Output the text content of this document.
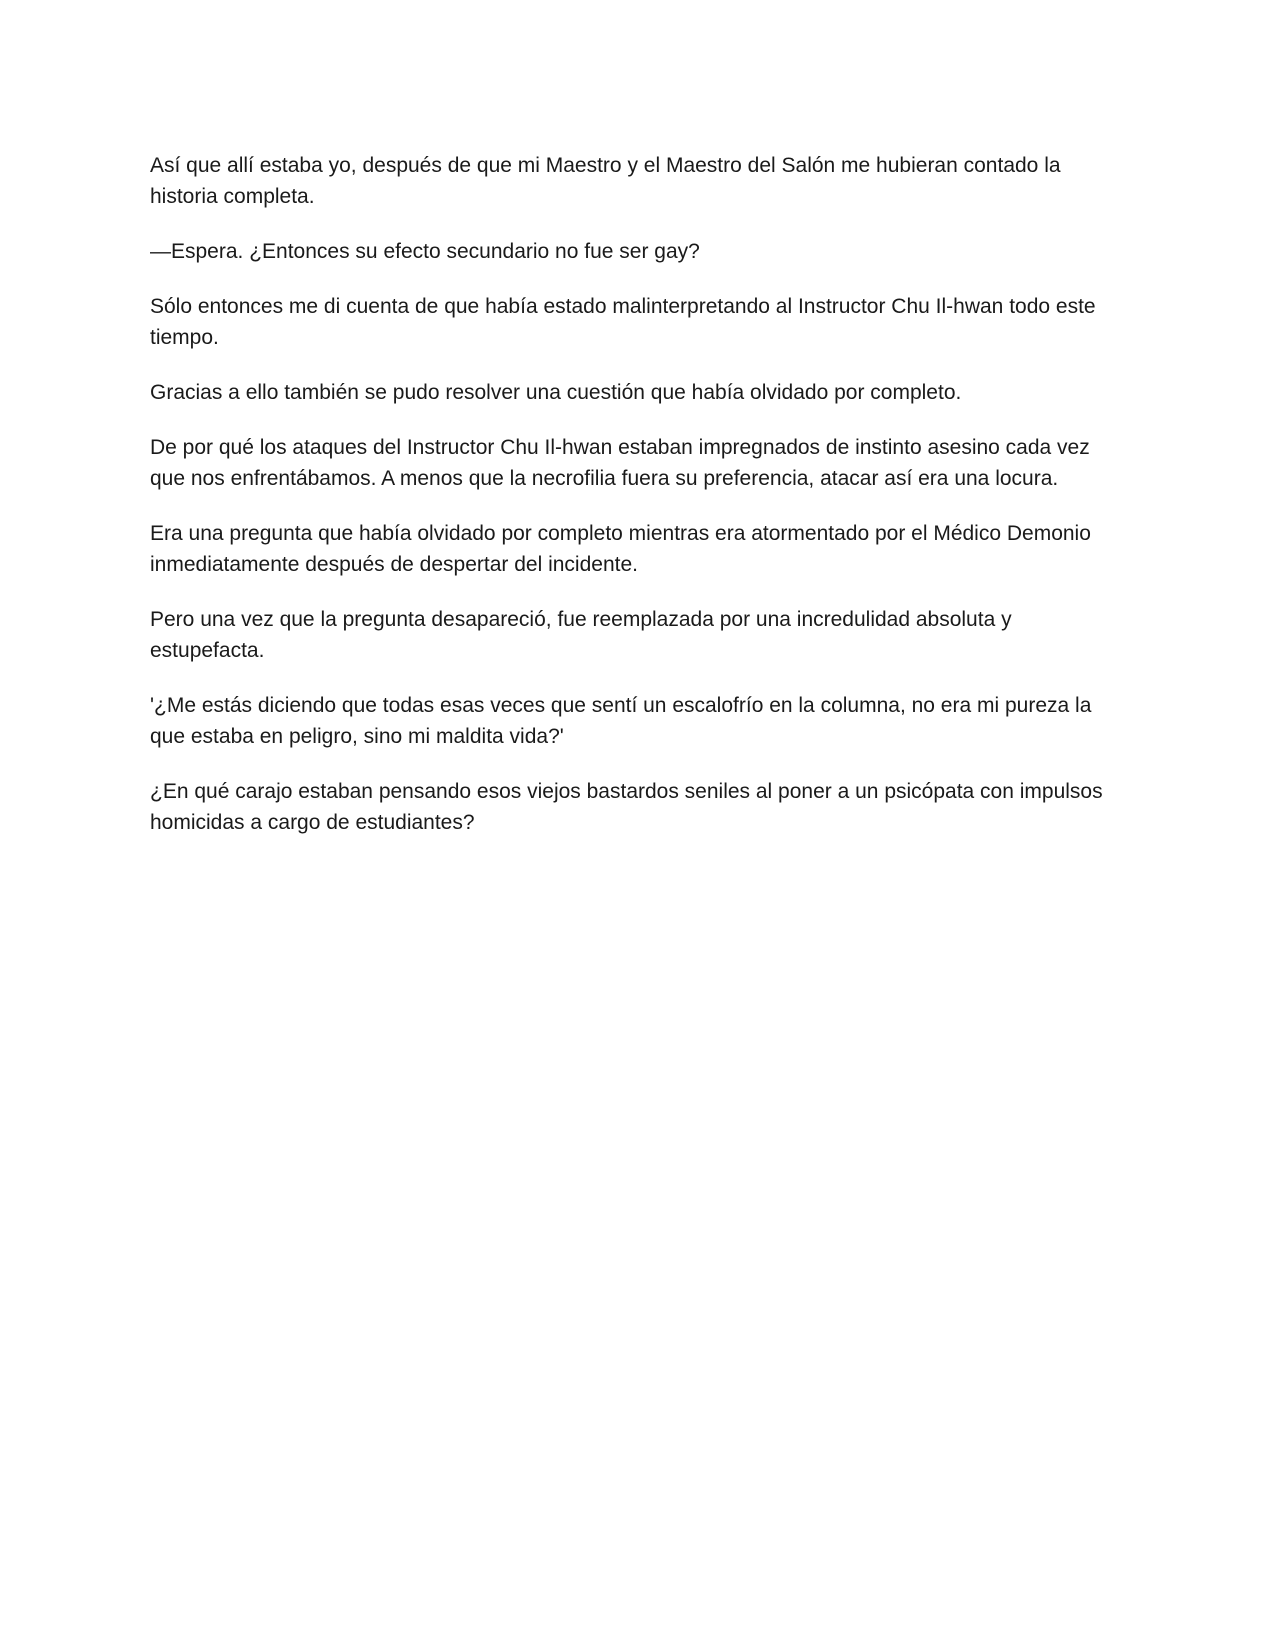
Así que allí estaba yo, después de que mi Maestro y el Maestro del Salón me hubieran contado la historia completa.

—Espera. ¿Entonces su efecto secundario no fue ser gay?

Sólo entonces me di cuenta de que había estado malinterpretando al Instructor Chu Il-hwan todo este tiempo.

Gracias a ello también se pudo resolver una cuestión que había olvidado por completo.

De por qué los ataques del Instructor Chu Il-hwan estaban impregnados de instinto asesino cada vez que nos enfrentábamos. A menos que la necrofilia fuera su preferencia, atacar así era una locura.

Era una pregunta que había olvidado por completo mientras era atormentado por el Médico Demonio inmediatamente después de despertar del incidente.

Pero una vez que la pregunta desapareció, fue reemplazada por una incredulidad absoluta y estupefacta.

'¿Me estás diciendo que todas esas veces que sentí un escalofrío en la columna, no era mi pureza la que estaba en peligro, sino mi maldita vida?'

¿En qué carajo estaban pensando esos viejos bastardos seniles al poner a un psicópata con impulsos homicidas a cargo de estudiantes?
